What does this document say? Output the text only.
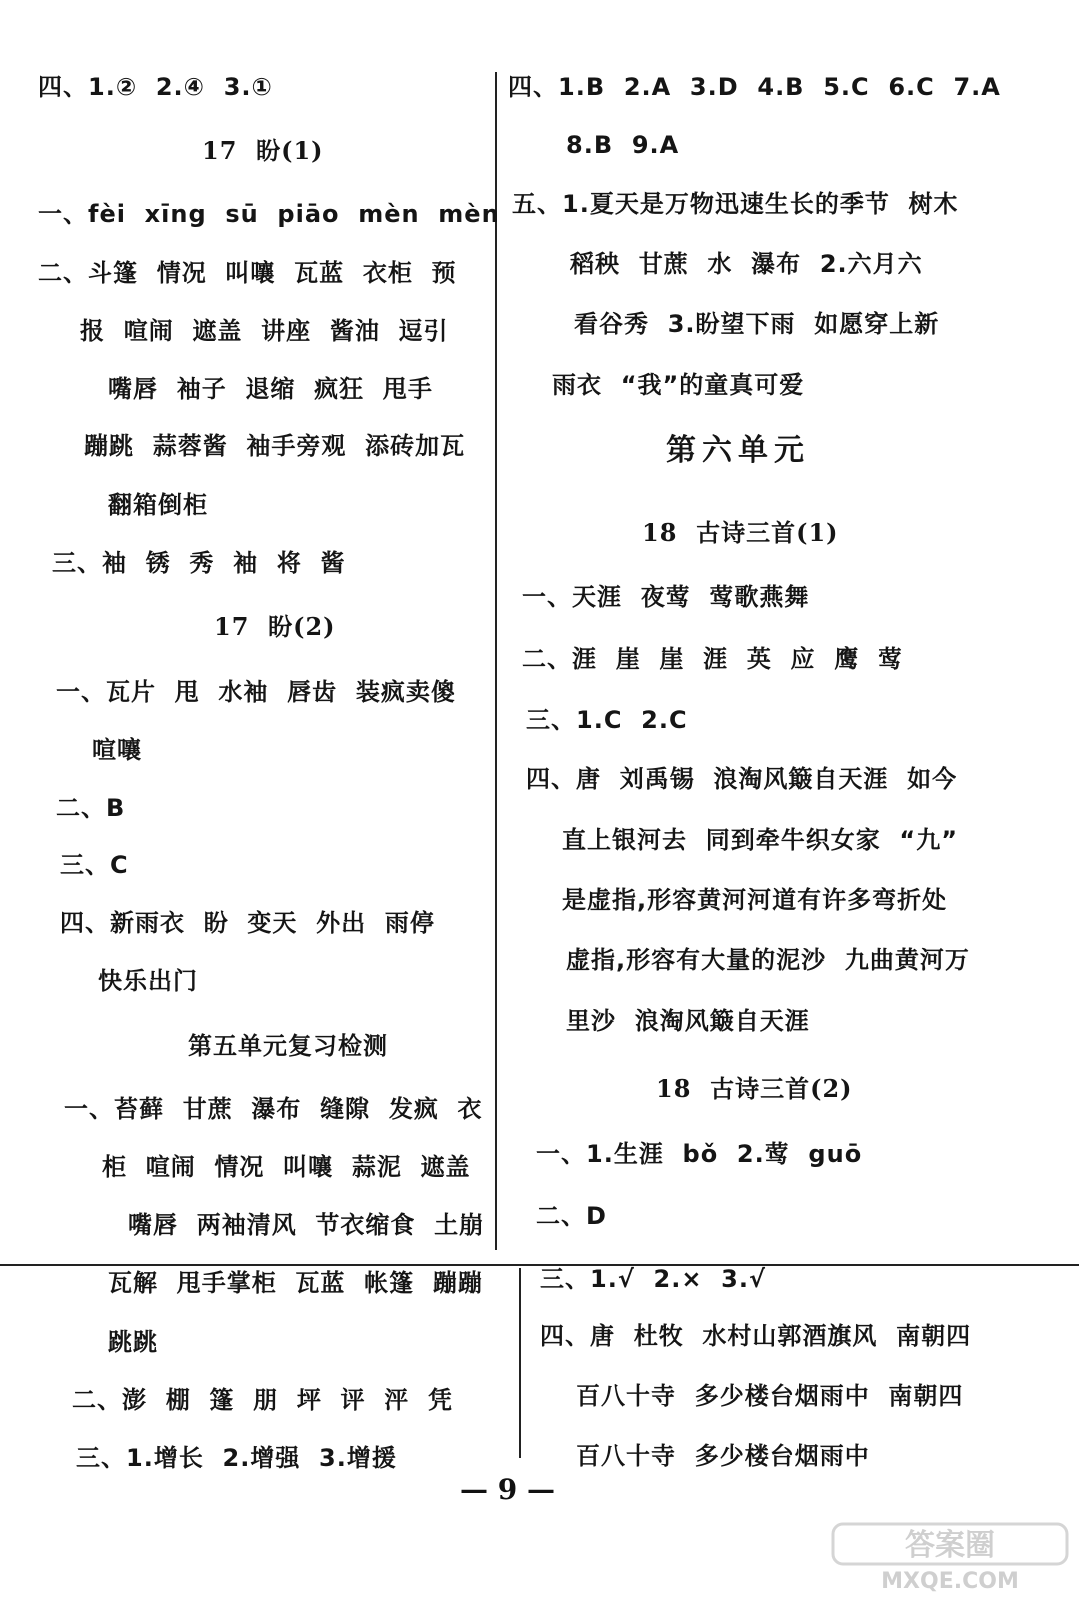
四、1.②  2.④  3.①
17  盼(1)
一、fèi  xīng  sū  piāo  mèn  mèn
二、斗篷  情况  叫嚷  瓦蓝  衣柜  预
报  喧闹  遮盖  讲座  酱油  逗引
嘴唇  袖子  退缩  疯狂  甩手
蹦跳  蒜蓉酱  袖手旁观  添砖加瓦
翻箱倒柜
三、袖  锈  秀  袖  将  酱
17  盼(2)
一、瓦片  甩  水袖  唇齿  装疯卖傻
喧嚷
二、B
三、C
四、新雨衣  盼  变天  外出  雨停
快乐出门
第五单元复习检测
一、苔藓  甘蔗  瀑布  缝隙  发疯  衣
柜  喧闹  情况  叫嚷  蒜泥  遮盖
嘴唇  两袖清风  节衣缩食  土崩
瓦解  甩手掌柜  瓦蓝  帐篷  蹦蹦
跳跳
二、澎  棚  篷  朋  坪  评  泙  凭
三、1.增长  2.增强  3.增援
四、1.B  2.A  3.D  4.B  5.C  6.C  7.A
8.B  9.A
五、1.夏天是万物迅速生长的季节  树木
稻秧  甘蔗  水  瀑布  2.六月六
看谷秀  3.盼望下雨  如愿穿上新
雨衣  “我”的童真可爱
第六单元
18  古诗三首(1)
一、天涯  夜莺  莺歌燕舞
二、涯  崖  崖  涯  英  应  鹰  莺
三、1.C  2.C
四、唐  刘禹锡  浪淘风簸自天涯  如今
直上银河去  同到牵牛织女家  “九”
是虚指,形容黄河河道有许多弯折处
虚指,形容有大量的泥沙  九曲黄河万
里沙  浪淘风簸自天涯
18  古诗三首(2)
一、1.生涯  bǒ  2.莺  guō
二、D
三、1.√  2.×  3.√
四、唐  杜牧  水村山郭酒旗风  南朝四
百八十寺  多少楼台烟雨中  南朝四
百八十寺  多少楼台烟雨中
— 9 —
答案圈
MXQE.COM
